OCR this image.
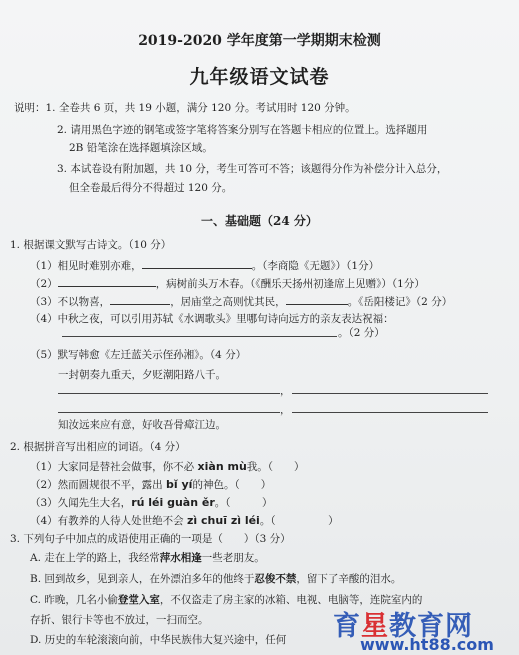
2019-2020 学年度第一学期期末检测
九年级语文试卷
说明：1. 全卷共 6 页，共 19 小题，满分 120 分。考试用时 120 分钟。
2. 请用黑色字迹的钢笔或签字笔将答案分别写在答题卡相应的位置上。选择题用
2B 铅笔涂在选择题填涂区域。
3. 本试卷设有附加题，共 10 分，考生可答可不答；该题得分作为补偿分计入总分，
但全卷最后得分不得超过 120 分。
一、基础题（24 分）
1. 根据课文默写古诗文。（10 分）
（1）相见时难别亦难，	。（李商隐《无题》）（1分）
（2）	，病树前头万木春。（《酬乐天扬州初逢席上见赠》）（1分）
（3）不以物喜，	，居庙堂之高则忧其民，	。《岳阳楼记》（2 分）
（4）中秋之夜，可以引用苏轼《水调歌头》里哪句诗向远方的亲友表达祝福：
。（2 分）
（5）默写韩愈《左迁蓝关示侄孙湘》。（4 分）
一封朝奏九重天，夕贬潮阳路八千。
，
，
知汝远来应有意，好收吾骨瘴江边。
2. 根据拼音写出相应的词语。（4 分）
（1）大家同是替社会做事，你不必 xiàn mù我。（　　）
（2）然而圆规很不平，露出 bǐ yí的神色。（　　）
（3）久闻先生大名，rú léi guàn ěr。（　　　）
（4）有教养的人待人处世绝不会 zì chuī zì léi。（　　　　　）
3. 下列句子中加点的成语使用正确的一项是（　　）（3 分）
A. 走在上学的路上，我经常萍水相逢一些老朋友。
B. 回到故乡，见到亲人，在外漂泊多年的他终于忍俊不禁，留下了辛酸的泪水。
C. 昨晚，几名小偷登堂入室，不仅盗走了房主家的冰箱、电视、电脑等，连院室内的
存折、银行卡等也不放过，一扫而空。
D. 历史的车轮滚滚向前，中华民族伟大复兴途中，任何 育星教育网
www.ht88.com
